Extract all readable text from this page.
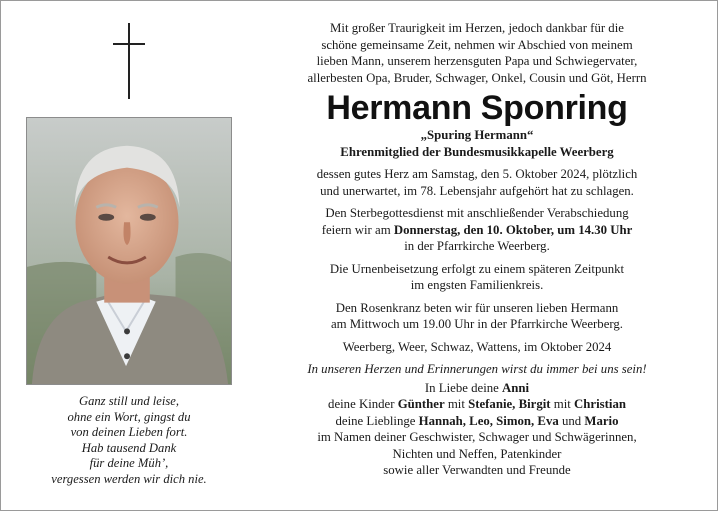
Ganz still und leise,
ohne ein Wort, gingst du
von deinen Lieben fort.
Hab tausend Dank
für deine Müh’,
vergessen werden wir dich nie.
Mit großer Traurigkeit im Herzen, jedoch dankbar für die
schöne gemeinsame Zeit, nehmen wir Abschied von meinem
lieben Mann, unserem herzensguten Papa und Schwiegervater,
allerbesten Opa, Bruder, Schwager, Onkel, Cousin und Göt, Herrn
Hermann Sponring
„Spuring Hermann“
Ehrenmitglied der Bundesmusikkapelle Weerberg
dessen gutes Herz am Samstag, den 5. Oktober 2024, plötzlich
und unerwartet, im 78. Lebensjahr aufgehört hat zu schlagen.
Den Sterbegottesdienst mit anschließender Verabschiedung
feiern wir am Donnerstag, den 10. Oktober, um 14.30 Uhr
in der Pfarrkirche Weerberg.
Die Urnenbeisetzung erfolgt zu einem späteren Zeitpunkt
im engsten Familienkreis.
Den Rosenkranz beten wir für unseren lieben Hermann
am Mittwoch um 19.00 Uhr in der Pfarrkirche Weerberg.
Weerberg, Weer, Schwaz, Wattens, im Oktober 2024
In unseren Herzen und Erinnerungen wirst du immer bei uns sein!
In Liebe deine Anni
deine Kinder Günther mit Stefanie, Birgit mit Christian
deine Lieblinge Hannah, Leo, Simon, Eva und Mario
im Namen deiner Geschwister, Schwager und Schwägerinnen,
Nichten und Neffen, Patenkinder
sowie aller Verwandten und Freunde
